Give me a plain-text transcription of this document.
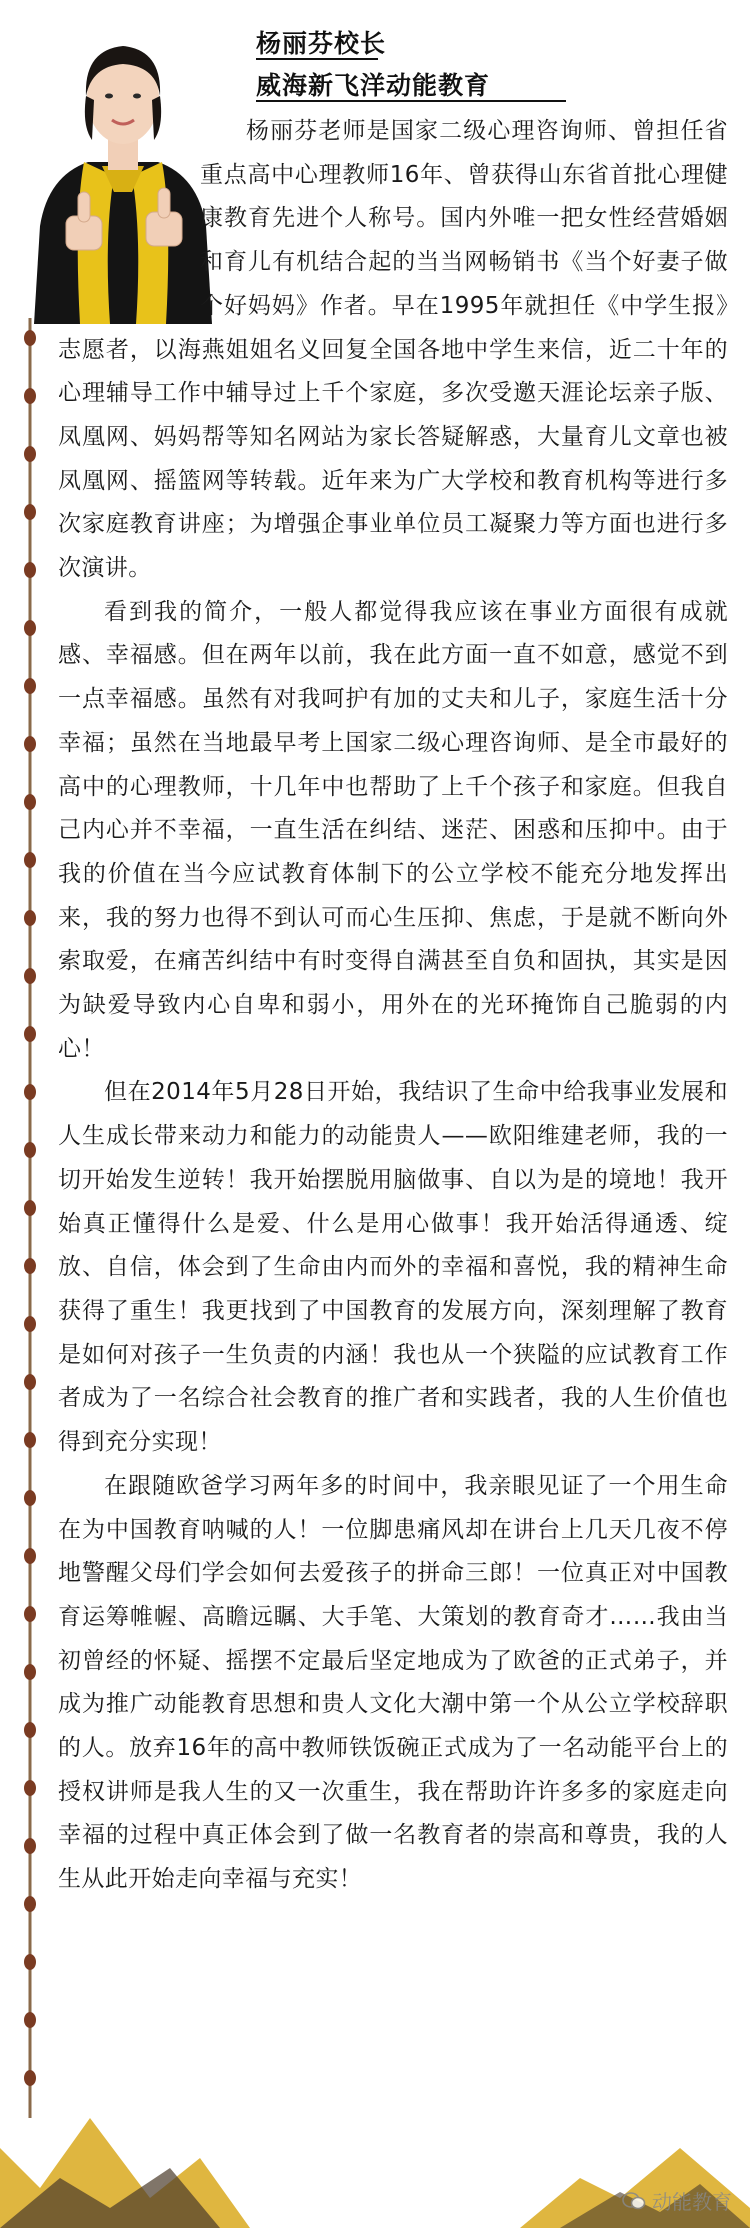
杨丽芬校长
威海新飞洋动能教育

杨丽芬老师是国家二级心理咨询师、曾担任省重点高中心理教师16年、曾获得山东省首批心理健康教育先进个人称号。国内外唯一把女性经营婚姻和育儿有机结合起的当当网畅销书《当个好妻子做个好妈妈》作者。早在1995年就担任《中学生报》志愿者，以海燕姐姐名义回复全国各地中学生来信，近二十年的心理辅导工作中辅导过上千个家庭，多次受邀天涯论坛亲子版、凤凰网、妈妈帮等知名网站为家长答疑解惑，大量育儿文章也被凤凰网、摇篮网等转载。近年来为广大学校和教育机构等进行多次家庭教育讲座；为增强企事业单位员工凝聚力等方面也进行多次演讲。

看到我的简介，一般人都觉得我应该在事业方面很有成就感、幸福感。但在两年以前，我在此方面一直不如意，感觉不到一点幸福感。虽然有对我呵护有加的丈夫和儿子，家庭生活十分幸福；虽然在当地最早考上国家二级心理咨询师、是全市最好的高中的心理教师，十几年中也帮助了上千个孩子和家庭。但我自己内心并不幸福，一直生活在纠结、迷茫、困惑和压抑中。由于我的价值在当今应试教育体制下的公立学校不能充分地发挥出来，我的努力也得不到认可而心生压抑、焦虑，于是就不断向外索取爱，在痛苦纠结中有时变得自满甚至自负和固执，其实是因为缺爱导致内心自卑和弱小，用外在的光环掩饰自己脆弱的内心！

但在2014年5月28日开始，我结识了生命中给我事业发展和人生成长带来动力和能力的动能贵人——欧阳维建老师，我的一切开始发生逆转！我开始摆脱用脑做事、自以为是的境地！我开始真正懂得什么是爱、什么是用心做事！我开始活得通透、绽放、自信，体会到了生命由内而外的幸福和喜悦，我的精神生命获得了重生！我更找到了中国教育的发展方向，深刻理解了教育是如何对孩子一生负责的内涵！我也从一个狭隘的应试教育工作者成为了一名综合社会教育的推广者和实践者，我的人生价值也得到充分实现！

在跟随欧爸学习两年多的时间中，我亲眼见证了一个用生命在为中国教育呐喊的人！一位脚患痛风却在讲台上几天几夜不停地警醒父母们学会如何去爱孩子的拼命三郎！一位真正对中国教育运筹帷幄、高瞻远瞩、大手笔、大策划的教育奇才……我由当初曾经的怀疑、摇摆不定最后坚定地成为了欧爸的正式弟子，并成为推广动能教育思想和贵人文化大潮中第一个从公立学校辞职的人。放弃16年的高中教师铁饭碗正式成为了一名动能平台上的授权讲师是我人生的又一次重生，我在帮助许许多多的家庭走向幸福的过程中真正体会到了做一名教育者的崇高和尊贵，我的人生从此开始走向幸福与充实！

动能教育
